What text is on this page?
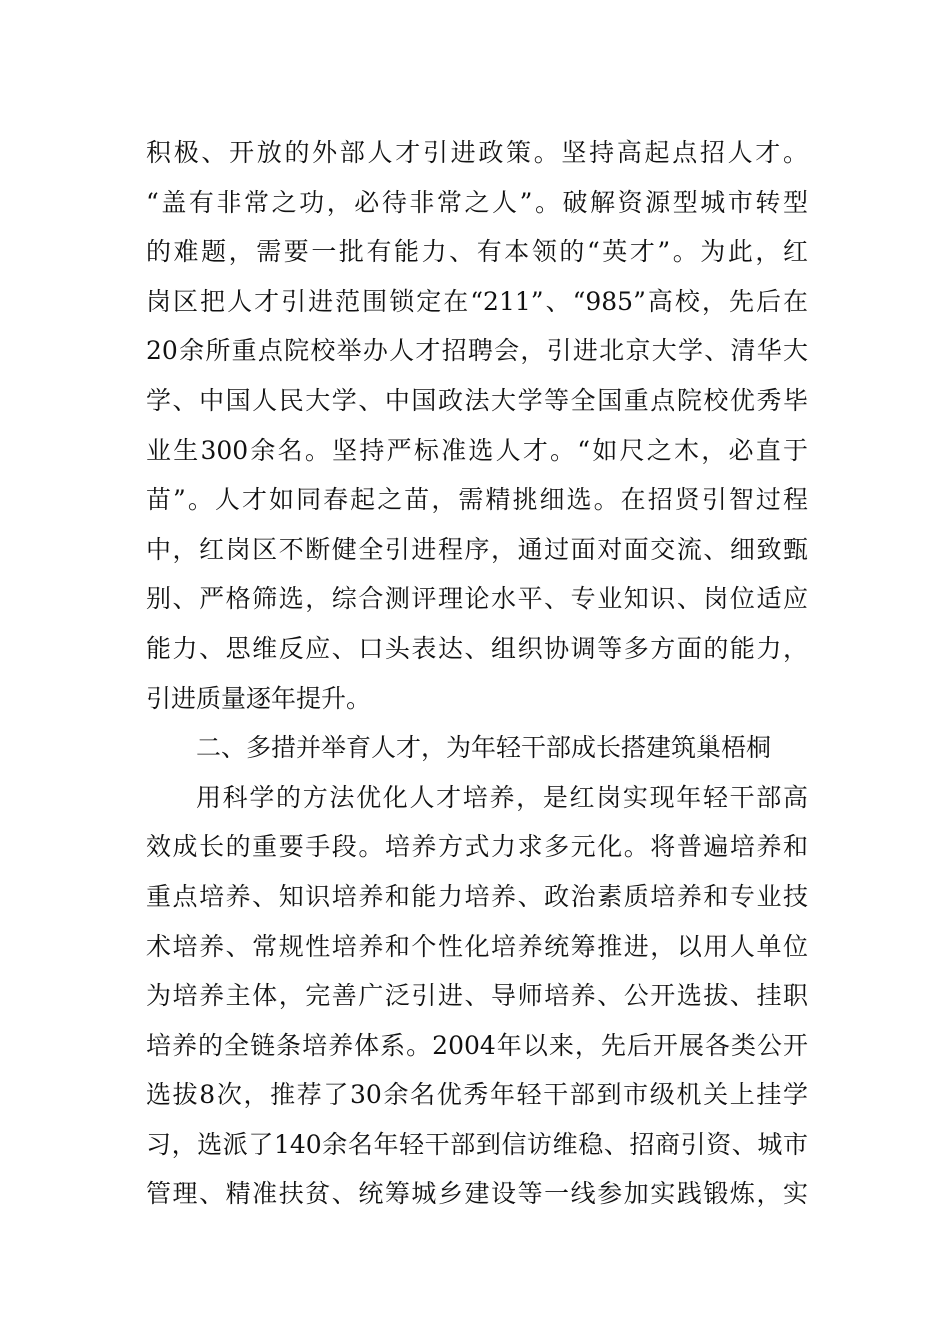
积极、开放的外部人才引进政策。坚持高起点招人才。
“盖有非常之功，必待非常之人”。破解资源型城市转型
的难题，需要一批有能力、有本领的“英才”。为此，红
岗区把人才引进范围锁定在“211”、“985”高校，先后在
20余所重点院校举办人才招聘会，引进北京大学、清华大
学、中国人民大学、中国政法大学等全国重点院校优秀毕
业生300余名。坚持严标准选人才。“如尺之木，必直于
苗”。人才如同春起之苗，需精挑细选。在招贤引智过程
中，红岗区不断健全引进程序，通过面对面交流、细致甄
别、严格筛选，综合测评理论水平、专业知识、岗位适应
能力、思维反应、口头表达、组织协调等多方面的能力，
引进质量逐年提升。
二、多措并举育人才，为年轻干部成长搭建筑巢梧桐
用科学的方法优化人才培养，是红岗实现年轻干部高
效成长的重要手段。培养方式力求多元化。将普遍培养和
重点培养、知识培养和能力培养、政治素质培养和专业技
术培养、常规性培养和个性化培养统筹推进，以用人单位
为培养主体，完善广泛引进、导师培养、公开选拔、挂职
培养的全链条培养体系。2004年以来，先后开展各类公开
选拔8次，推荐了30余名优秀年轻干部到市级机关上挂学
习，选派了140余名年轻干部到信访维稳、招商引资、城市
管理、精准扶贫、统筹城乡建设等一线参加实践锻炼，实
